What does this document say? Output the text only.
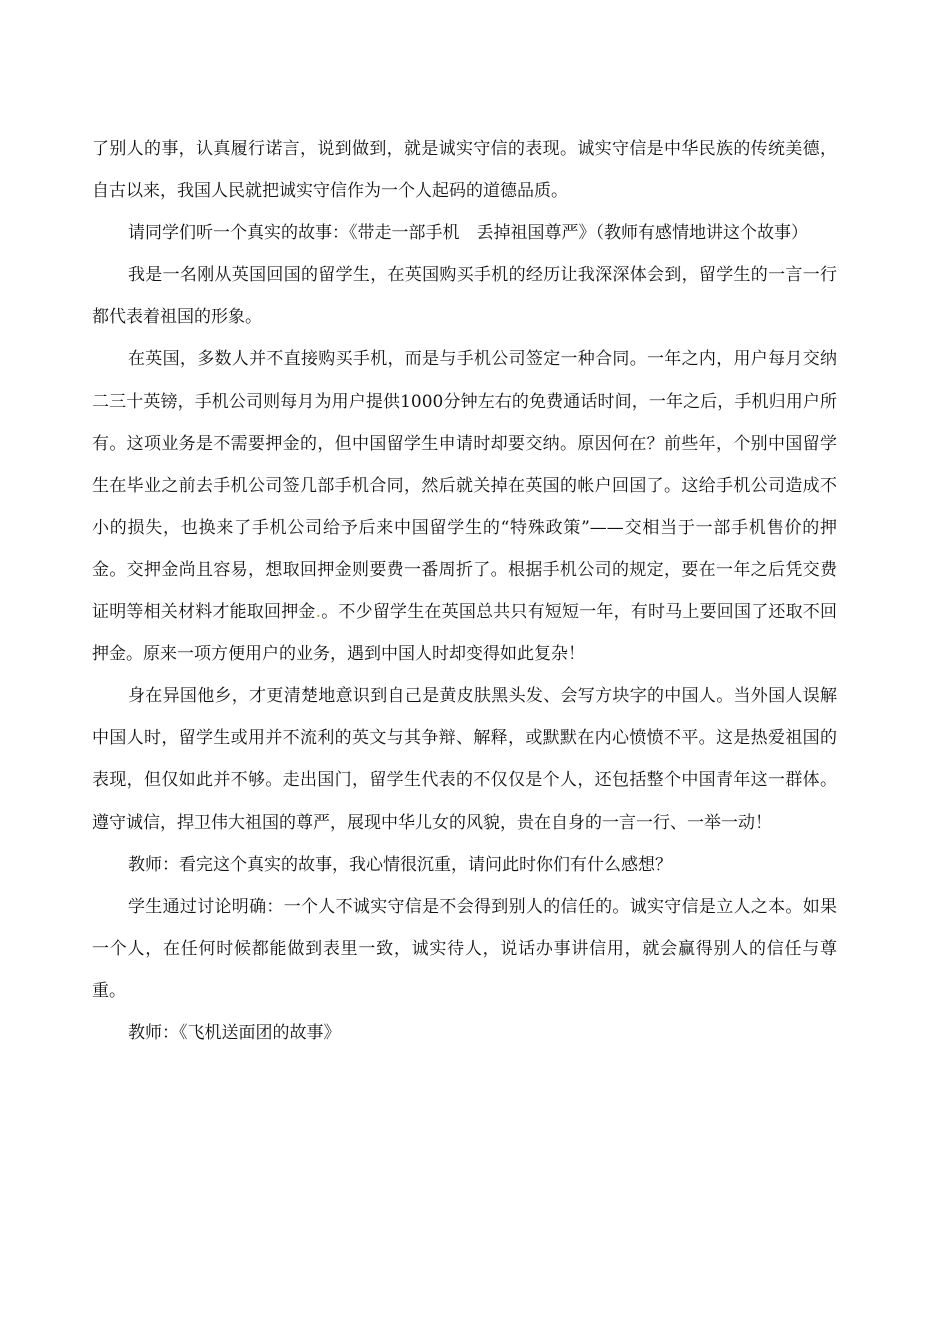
了别人的事，认真履行诺言，说到做到，就是诚实守信的表现。诚实守信是中华民族的传统美德，自古以来，我国人民就把诚实守信作为一个人起码的道德品质。

请同学们听一个真实的故事：《带走一部手机　丢掉祖国尊严》（教师有感情地讲这个故事）

我是一名刚从英国回国的留学生，在英国购买手机的经历让我深深体会到，留学生的一言一行都代表着祖国的形象。

在英国，多数人并不直接购买手机，而是与手机公司签定一种合同。一年之内，用户每月交纳二三十英镑，手机公司则每月为用户提供1000分钟左右的免费通话时间，一年之后，手机归用户所有。这项业务是不需要押金的，但中国留学生申请时却要交纳。原因何在？前些年，个别中国留学生在毕业之前去手机公司签几部手机合同，然后就关掉在英国的帐户回国了。这给手机公司造成不小的损失，也换来了手机公司给予后来中国留学生的“特殊政策”——交相当于一部手机售价的押金。交押金尚且容易，想取回押金则要费一番周折了。根据手机公司的规定，要在一年之后凭交费证明等相关材料才能取回押金.。不少留学生在英国总共只有短短一年，有时马上要回国了还取不回押金。原来一项方便用户的业务，遇到中国人时却变得如此复杂！

身在异国他乡，才更清楚地意识到自己是黄皮肤黑头发、会写方块字的中国人。当外国人误解中国人时，留学生或用并不流利的英文与其争辩、解释，或默默在内心愤愤不平。这是热爱祖国的表现，但仅如此并不够。走出国门，留学生代表的不仅仅是个人，还包括整个中国青年这一群体。遵守诚信，捍卫伟大祖国的尊严，展现中华儿女的风貌，贵在自身的一言一行、一举一动！

教师：看完这个真实的故事，我心情很沉重，请问此时你们有什么感想？

学生通过讨论明确：一个人不诚实守信是不会得到别人的信任的。诚实守信是立人之本。如果一个人，在任何时候都能做到表里一致，诚实待人，说话办事讲信用，就会赢得别人的信任与尊重。

教师：《飞机送面团的故事》
